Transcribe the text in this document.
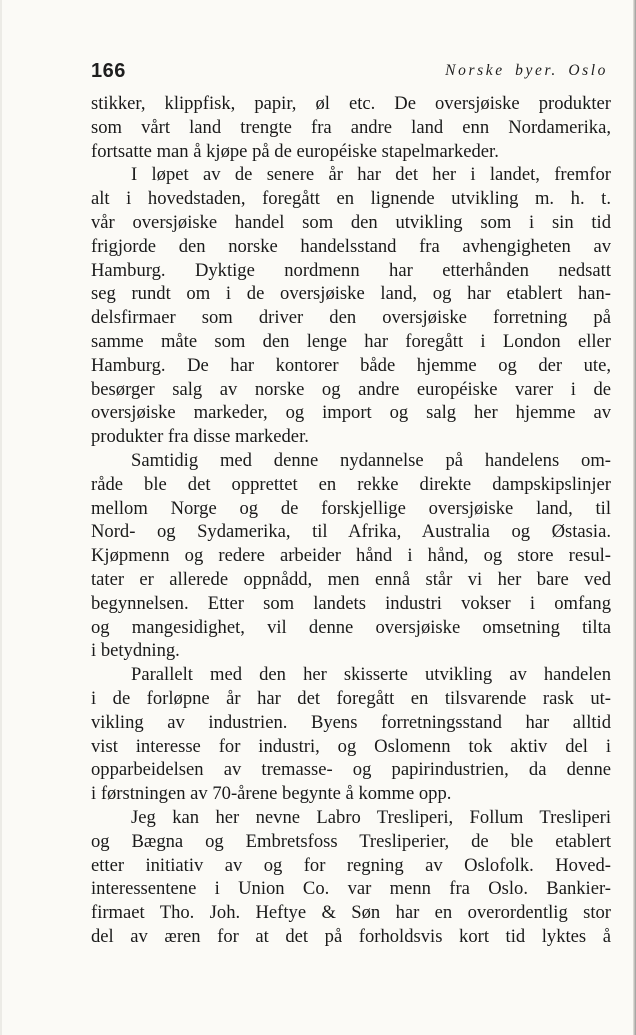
166	Norske byer. Oslo
stikker, klippfisk, papir, øl etc. De oversjøiske produkter
som vårt land trengte fra andre land enn Nordamerika,
fortsatte man å kjøpe på de européiske stapelmarkeder.
I løpet av de senere år har det her i landet, fremfor
alt i hovedstaden, foregått en lignende utvikling m. h. t.
vår oversjøiske handel som den utvikling som i sin tid
frigjorde den norske handelsstand fra avhengigheten av
Hamburg. Dyktige nordmenn har etterhånden nedsatt
seg rundt om i de oversjøiske land, og har etablert han-
delsfirmaer som driver den oversjøiske forretning på
samme måte som den lenge har foregått i London eller
Hamburg. De har kontorer både hjemme og der ute,
besørger salg av norske og andre européiske varer i de
oversjøiske markeder, og import og salg her hjemme av
produkter fra disse markeder.
Samtidig med denne nydannelse på handelens om-
råde ble det opprettet en rekke direkte dampskipslinjer
mellom Norge og de forskjellige oversjøiske land, til
Nord- og Sydamerika, til Afrika, Australia og Østasia.
Kjøpmenn og redere arbeider hånd i hånd, og store resul-
tater er allerede oppnådd, men ennå står vi her bare ved
begynnelsen. Etter som landets industri vokser i omfang
og mangesidighet, vil denne oversjøiske omsetning tilta
i betydning.
Parallelt med den her skisserte utvikling av handelen
i de forløpne år har det foregått en tilsvarende rask ut-
vikling av industrien. Byens forretningsstand har alltid
vist interesse for industri, og Oslomenn tok aktiv del i
opparbeidelsen av tremasse- og papirindustrien, da denne
i førstningen av 70-årene begynte å komme opp.
Jeg kan her nevne Labro Tresliperi, Follum Tresliperi
og Bægna og Embretsfoss Tresliperier, de ble etablert
etter initiativ av og for regning av Oslofolk. Hoved-
interessentene i Union Co. var menn fra Oslo. Bankier-
firmaet Tho. Joh. Heftye & Søn har en overordentlig stor
del av æren for at det på forholdsvis kort tid lyktes å
